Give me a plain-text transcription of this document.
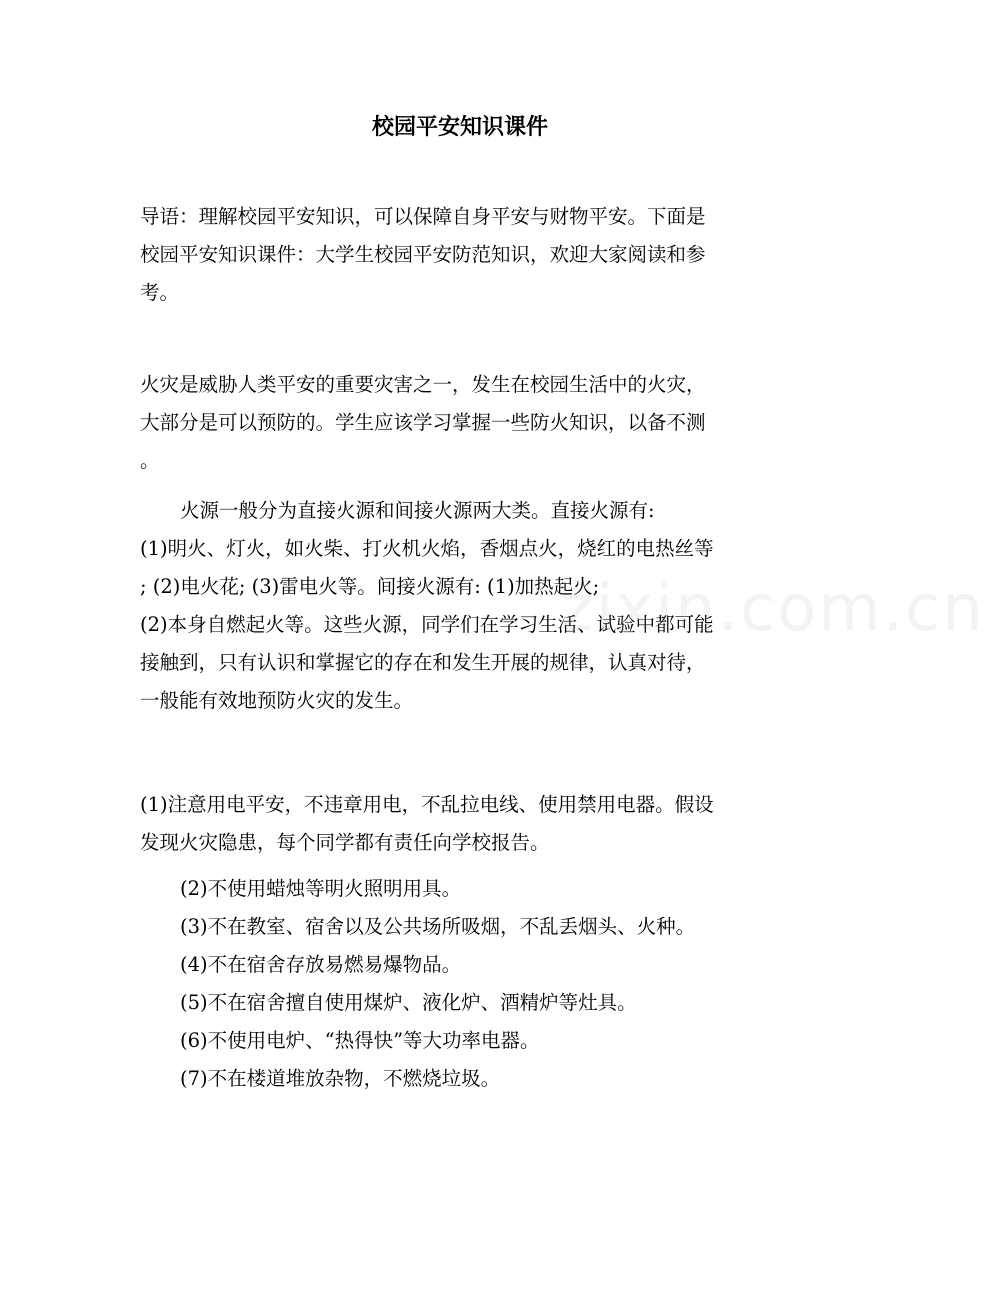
校园平安知识课件
导语：理解校园平安知识，可以保障自身平安与财物平安。下面是
校园平安知识课件：大学生校园平安防范知识，欢迎大家阅读和参
考。
火灾是威胁人类平安的重要灾害之一，发生在校园生活中的火灾，
大部分是可以预防的。学生应该学习掌握一些防火知识，以备不测
。
火源一般分为直接火源和间接火源两大类。直接火源有:
(1)明火、灯火，如火柴、打火机火焰，香烟点火，烧红的电热丝等
; (2)电火花; (3)雷电火等。间接火源有: (1)加热起火;
(2)本身自燃起火等。这些火源，同学们在学习生活、试验中都可能
接触到，只有认识和掌握它的存在和发生开展的规律，认真对待，
一般能有效地预防火灾的发生。
(1)注意用电平安，不违章用电，不乱拉电线、使用禁用电器。假设
发现火灾隐患，每个同学都有责任向学校报告。
(2)不使用蜡烛等明火照明用具。
(3)不在教室、宿舍以及公共场所吸烟，不乱丢烟头、火种。
(4)不在宿舍存放易燃易爆物品。
(5)不在宿舍擅自使用煤炉、液化炉、酒精炉等灶具。
(6)不使用电炉、“热得快”等大功率电器。
(7)不在楼道堆放杂物，不燃烧垃圾。
zixin.com.cn
